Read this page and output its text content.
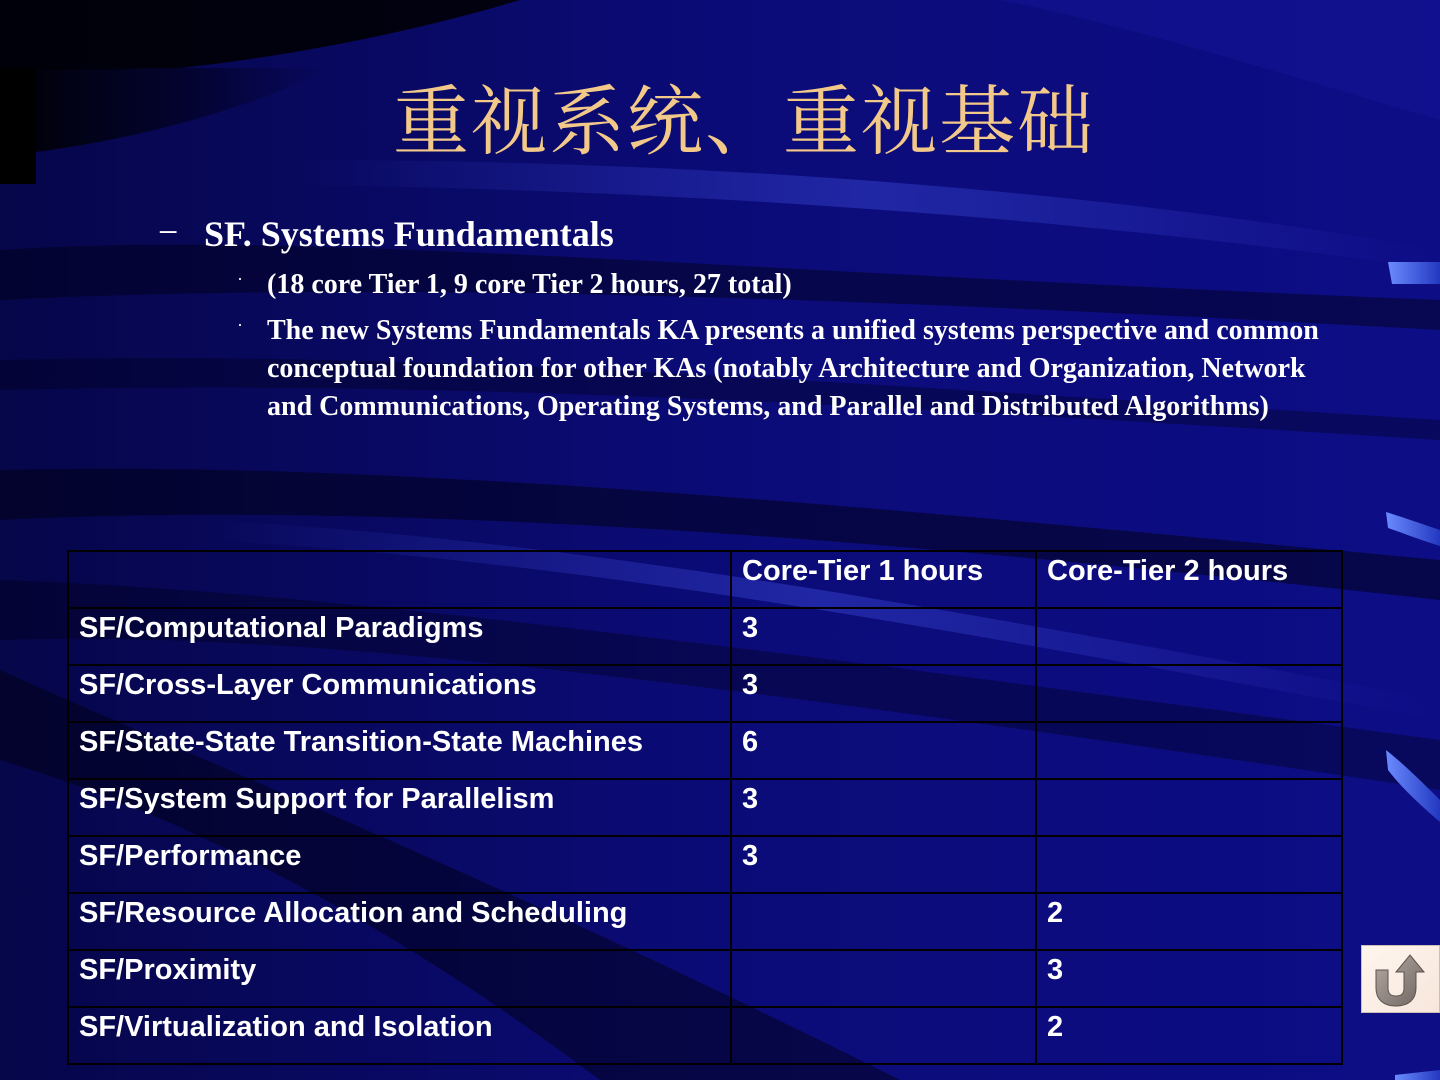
重视系统、重视基础
− SF. Systems Fundamentals
· (18 core Tier 1, 9 core Tier 2 hours, 27 total)
· The new Systems Fundamentals KA presents a unified systems perspective and common conceptual foundation for other KAs (notably Architecture and Organization, Network and Communications, Operating Systems, and Parallel and Distributed Algorithms)
	Core-Tier 1 hours	Core-Tier 2 hours
SF/Computational Paradigms	3	
SF/Cross-Layer Communications	3	
SF/State-State Transition-State Machines	6	
SF/System Support for Parallelism	3	
SF/Performance	3	
SF/Resource Allocation and Scheduling		2
SF/Proximity		3
SF/Virtualization and Isolation		2
